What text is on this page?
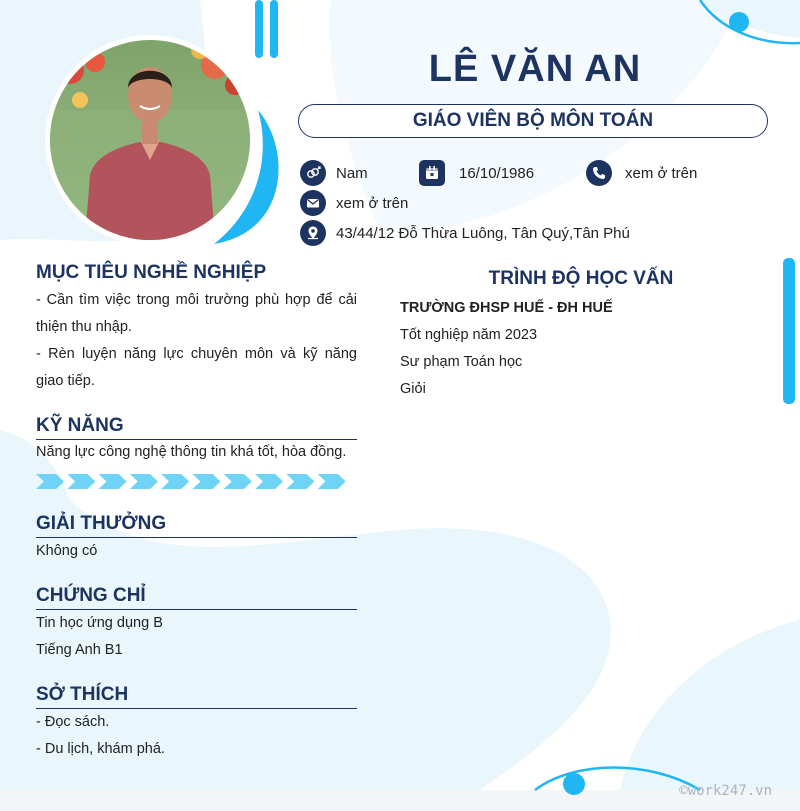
LÊ VĂN AN
GIÁO VIÊN BỘ MÔN TOÁN
Nam	16/10/1986	xem ở trên
xem ở trên
43/44/12 Đỗ Thừa Luông, Tân Quý,Tân Phú
MỤC TIÊU NGHỀ NGHIỆP
- Cần tìm việc trong môi trường phù hợp để cải thiện thu nhập.
- Rèn luyện năng lực chuyên môn và kỹ năng giao tiếp.
KỸ NĂNG
Năng lực công nghệ thông tin khá tốt, hòa đồng.
GIẢI THƯỞNG
Không có
CHỨNG CHỈ
Tin học ứng dụng B
Tiếng Anh B1
SỞ THÍCH
- Đọc sách.
- Du lịch, khám phá.
TRÌNH ĐỘ HỌC VẤN
TRƯỜNG ĐHSP HUẾ - ĐH HUẾ
Tốt nghiệp năm 2023
Sư phạm Toán học
Giỏi
©work247.vn
